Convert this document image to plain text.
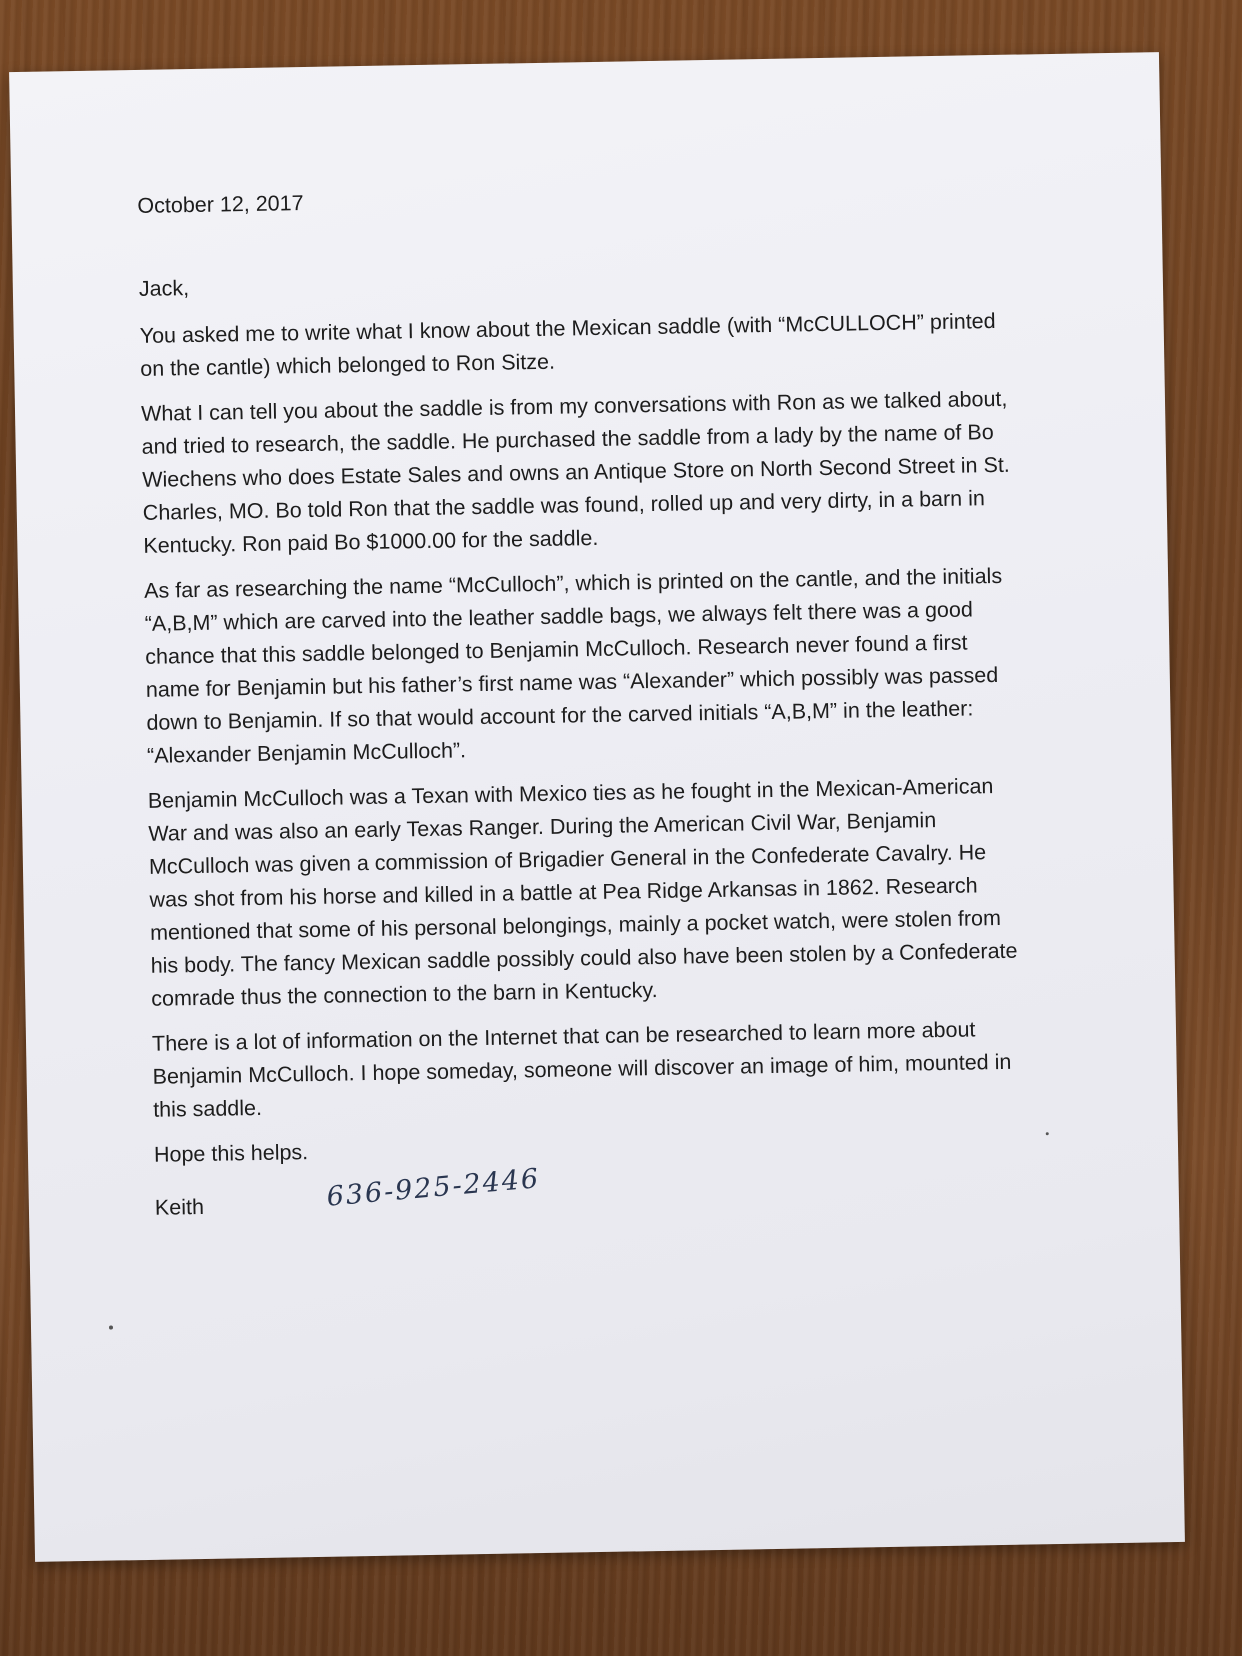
October 12, 2017

Jack,

You asked me to write what I know about the Mexican saddle (with “McCULLOCH” printed on the cantle) which belonged to Ron Sitze.

What I can tell you about the saddle is from my conversations with Ron as we talked about, and tried to research, the saddle. He purchased the saddle from a lady by the name of Bo Wiechens who does Estate Sales and owns an Antique Store on North Second Street in St. Charles, MO. Bo told Ron that the saddle was found, rolled up and very dirty, in a barn in Kentucky. Ron paid Bo $1000.00 for the saddle.

As far as researching the name “McCulloch”, which is printed on the cantle, and the initials “A,B,M” which are carved into the leather saddle bags, we always felt there was a good chance that this saddle belonged to Benjamin McCulloch. Research never found a first name for Benjamin but his father’s first name was “Alexander” which possibly was passed down to Benjamin. If so that would account for the carved initials “A,B,M” in the leather: “Alexander Benjamin McCulloch”.

Benjamin McCulloch was a Texan with Mexico ties as he fought in the Mexican-American War and was also an early Texas Ranger. During the American Civil War, Benjamin McCulloch was given a commission of Brigadier General in the Confederate Cavalry. He was shot from his horse and killed in a battle at Pea Ridge Arkansas in 1862. Research mentioned that some of his personal belongings, mainly a pocket watch, were stolen from his body. The fancy Mexican saddle possibly could also have been stolen by a Confederate comrade thus the connection to the barn in Kentucky.

There is a lot of information on the Internet that can be researched to learn more about Benjamin McCulloch. I hope someday, someone will discover an image of him, mounted in this saddle.

Hope this helps.

Keith	636-925-2446
